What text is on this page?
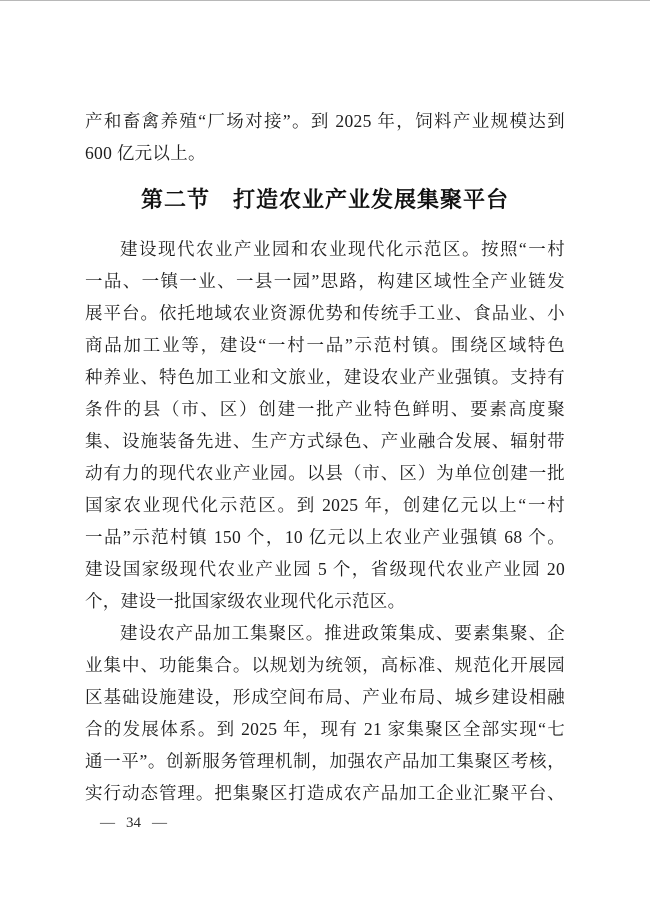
产和畜禽养殖“厂场对接”。到 2025 年，饲料产业规模达到
600 亿元以上。
第二节　打造农业产业发展集聚平台
建设现代农业产业园和农业现代化示范区。按照“一村
一品、一镇一业、一县一园”思路，构建区域性全产业链发
展平台。依托地域农业资源优势和传统手工业、食品业、小
商品加工业等，建设“一村一品”示范村镇。围绕区域特色
种养业、特色加工业和文旅业，建设农业产业强镇。支持有
条件的县（市、区）创建一批产业特色鲜明、要素高度聚
集、设施装备先进、生产方式绿色、产业融合发展、辐射带
动有力的现代农业产业园。以县（市、区）为单位创建一批
国家农业现代化示范区。到 2025 年，创建亿元以上“一村
一品”示范村镇 150 个，10 亿元以上农业产业强镇 68 个。
建设国家级现代农业产业园 5 个，省级现代农业产业园 20
个，建设一批国家级农业现代化示范区。
建设农产品加工集聚区。推进政策集成、要素集聚、企
业集中、功能集合。以规划为统领，高标准、规范化开展园
区基础设施建设，形成空间布局、产业布局、城乡建设相融
合的发展体系。到 2025 年，现有 21 家集聚区全部实现“七
通一平”。创新服务管理机制，加强农产品加工集聚区考核，
实行动态管理。把集聚区打造成农产品加工企业汇聚平台、
— 34 —
